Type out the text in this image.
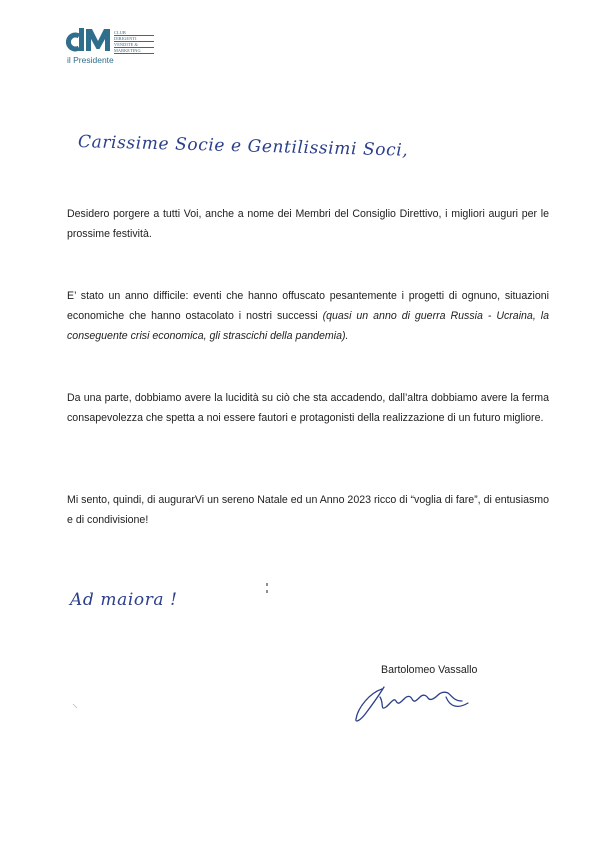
CLUB
DIRIGENTI
VENDITE &
MARKETING
il Presidente
Carissime Socie e Gentilissimi Soci,

Desidero porgere a tutti Voi, anche a nome dei Membri del Consiglio Direttivo, i migliori auguri per le prossime festività.

E’ stato un anno difficile: eventi che hanno offuscato pesantemente i progetti di ognuno, situazioni economiche che hanno ostacolato i nostri successi (quasi un anno di guerra Russia - Ucraina, la conseguente crisi economica, gli strascichi della pandemia).

Da una parte, dobbiamo avere la lucidità su ciò che sta accadendo, dall’altra dobbiamo avere la ferma consapevolezza che spetta a noi essere fautori e protagonisti della realizzazione di un futuro migliore.

Mi sento, quindi, di augurarVi un sereno Natale ed un Anno 2023 ricco di “voglia di fare”, di entusiasmo e di condivisione!

Ad maiora !
Bartolomeo Vassallo
